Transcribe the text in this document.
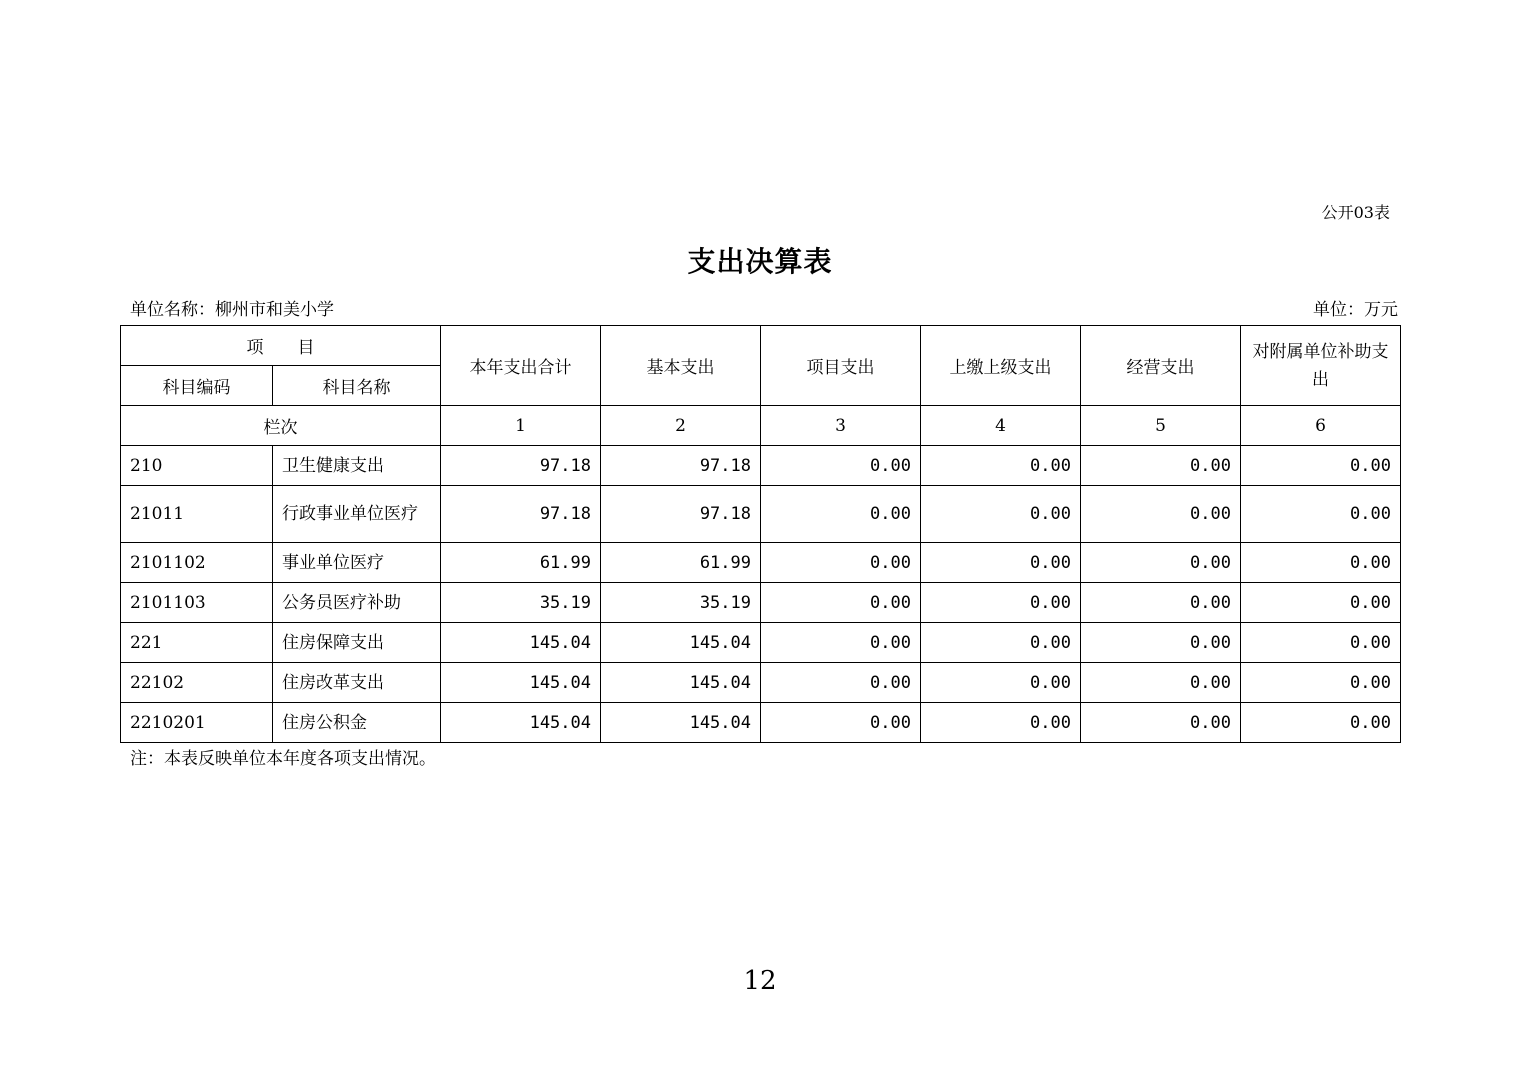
公开03表
支出决算表
单位名称：柳州市和美小学	单位：万元
项　　目		本年支出合计	基本支出	项目支出	上缴上级支出	经营支出	对附属单位补助支出
科目编码	科目名称						
栏次		1	2	3	4	5	6
210	卫生健康支出	97.18	97.18	0.00	0.00	0.00	0.00
21011	行政事业单位医疗	97.18	97.18	0.00	0.00	0.00	0.00
2101102	事业单位医疗	61.99	61.99	0.00	0.00	0.00	0.00
2101103	公务员医疗补助	35.19	35.19	0.00	0.00	0.00	0.00
221	住房保障支出	145.04	145.04	0.00	0.00	0.00	0.00
22102	住房改革支出	145.04	145.04	0.00	0.00	0.00	0.00
2210201	住房公积金	145.04	145.04	0.00	0.00	0.00	0.00
注：本表反映单位本年度各项支出情况。
12
